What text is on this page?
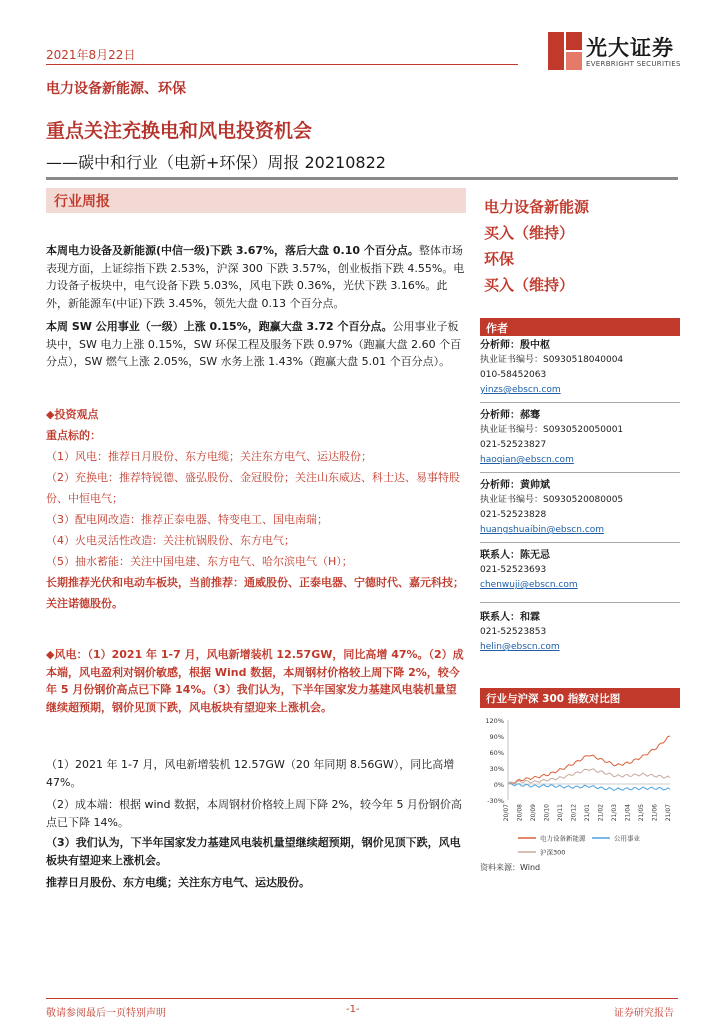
2021年8月22日	光大证券
EVERBRIGHT SECURITIES
电力设备新能源、环保
重点关注充换电和风电投资机会
——碳中和行业（电新+环保）周报 20210822
行业周报
本周电力设备及新能源(中信一级)下跌 3.67%，落后大盘 0.10 个百分点。整体市场表现方面，上证综指下跌 2.53%，沪深 300 下跌 3.57%，创业板指下跌 4.55%。电力设备子板块中，电气设备下跌 5.03%，风电下跌 0.36%，光伏下跌 3.16%。此外，新能源车(中证)下跌 3.45%，领先大盘 0.13 个百分点。
本周 SW 公用事业（一级）上涨 0.15%，跑赢大盘 3.72 个百分点。公用事业子板块中，SW 电力上涨 0.15%，SW 环保工程及服务下跌 0.97%（跑赢大盘 2.60 个百分点），SW 燃气上涨 2.05%，SW 水务上涨 1.43%（跑赢大盘 5.01 个百分点）。
◆投资观点
重点标的：
（1）风电：推荐日月股份、东方电缆；关注东方电气、运达股份；
（2）充换电：推荐特锐德、盛弘股份、金冠股份；关注山东威达、科士达、易事特股份、中恒电气；
（3）配电网改造：推荐正泰电器、特变电工、国电南瑞；
（4）火电灵活性改造：关注杭锅股份、东方电气；
（5）抽水蓄能：关注中国电建、东方电气、哈尔滨电气（H）；
长期推荐光伏和电动车板块，当前推荐：通威股份、正泰电器、宁德时代、嘉元科技；关注诺德股份。
◆风电：（1）2021 年 1-7 月，风电新增装机 12.57GW，同比高增 47%。（2）成本端，风电盈利对钢价敏感，根据 Wind 数据，本周钢材价格较上周下降 2%，较今年 5 月份钢价高点已下降 14%。（3）我们认为，下半年国家发力基建风电装机量望继续超预期，钢价见顶下跌，风电板块有望迎来上涨机会。
（1）2021 年 1-7 月，风电新增装机 12.57GW（20 年同期 8.56GW），同比高增 47%。
（2）成本端：根据 wind 数据，本周钢材价格较上周下降 2%，较今年 5 月份钢价高点已下降 14%。
（3）我们认为，下半年国家发力基建风电装机量望继续超预期，钢价见顶下跌，风电板块有望迎来上涨机会。
推荐日月股份、东方电缆；关注东方电气、运达股份。
电力设备新能源
买入（维持）
环保
买入（维持）
作者
分析师：殷中枢
执业证书编号：S0930518040004
010-58452063
yinzs@ebscn.com
分析师：郝骞
执业证书编号：S0930520050001
021-52523827
haoqian@ebscn.com
分析师：黄帅斌
执业证书编号：S0930520080005
021-52523828
huangshuaibin@ebscn.com
联系人：陈无忌
021-52523693
chenwuji@ebscn.com
联系人：和霖
021-52523853
helin@ebscn.com
行业与沪深 300 指数对比图
120%
90%
60%
30%
0%
-30%
20/07 20/08 20/09 20/10 20/11 20/12 21/01 21/02 21/03 21/04 21/05 21/06 21/07
电力设备新能源	公用事业
沪深300
资料来源：Wind
敬请参阅最后一页特别声明	-1-	证券研究报告
